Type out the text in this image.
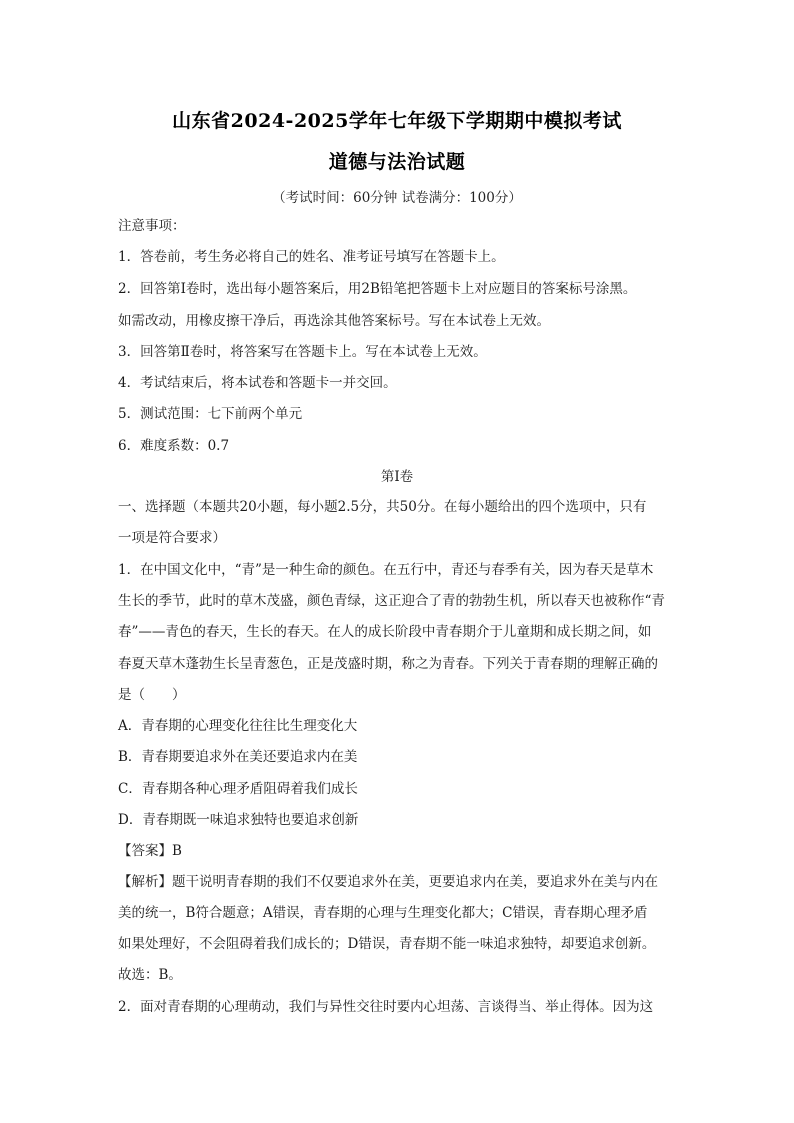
山东省2024-2025学年七年级下学期期中模拟考试
道德与法治试题
（考试时间：60分钟 试卷满分：100分）
注意事项：
1．答卷前，考生务必将自己的姓名、准考证号填写在答题卡上。
2．回答第Ⅰ卷时，选出每小题答案后，用2B铅笔把答题卡上对应题目的答案标号涂黑。
如需改动，用橡皮擦干净后，再选涂其他答案标号。写在本试卷上无效。
3．回答第Ⅱ卷时，将答案写在答题卡上。写在本试卷上无效。
4．考试结束后，将本试卷和答题卡一并交回。
5．测试范围：七下前两个单元
6．难度系数：0.7
第Ⅰ卷
一、选择题（本题共20小题，每小题2.5分，共50分。在每小题给出的四个选项中，只有
一项是符合要求）
1．在中国文化中，“青”是一种生命的颜色。在五行中，青还与春季有关，因为春天是草木
生长的季节，此时的草木茂盛，颜色青绿，这正迎合了青的勃勃生机，所以春天也被称作“青
春”——青色的春天，生长的春天。在人的成长阶段中青春期介于儿童期和成长期之间，如
春夏天草木蓬勃生长呈青葱色，正是茂盛时期，称之为青春。下列关于青春期的理解正确的
是（　　）
A．青春期的心理变化往往比生理变化大
B．青春期要追求外在美还要追求内在美
C．青春期各种心理矛盾阻碍着我们成长
D．青春期既一味追求独特也要追求创新
【答案】B
【解析】题干说明青春期的我们不仅要追求外在美，更要追求内在美，要追求外在美与内在
美的统一，B符合题意；A错误，青春期的心理与生理变化都大；C错误，青春期心理矛盾
如果处理好，不会阻碍着我们成长的；D错误，青春期不能一味追求独特，却要追求创新。
故选：B。
2．面对青春期的心理萌动，我们与异性交往时要内心坦荡、言谈得当、举止得体。因为这
